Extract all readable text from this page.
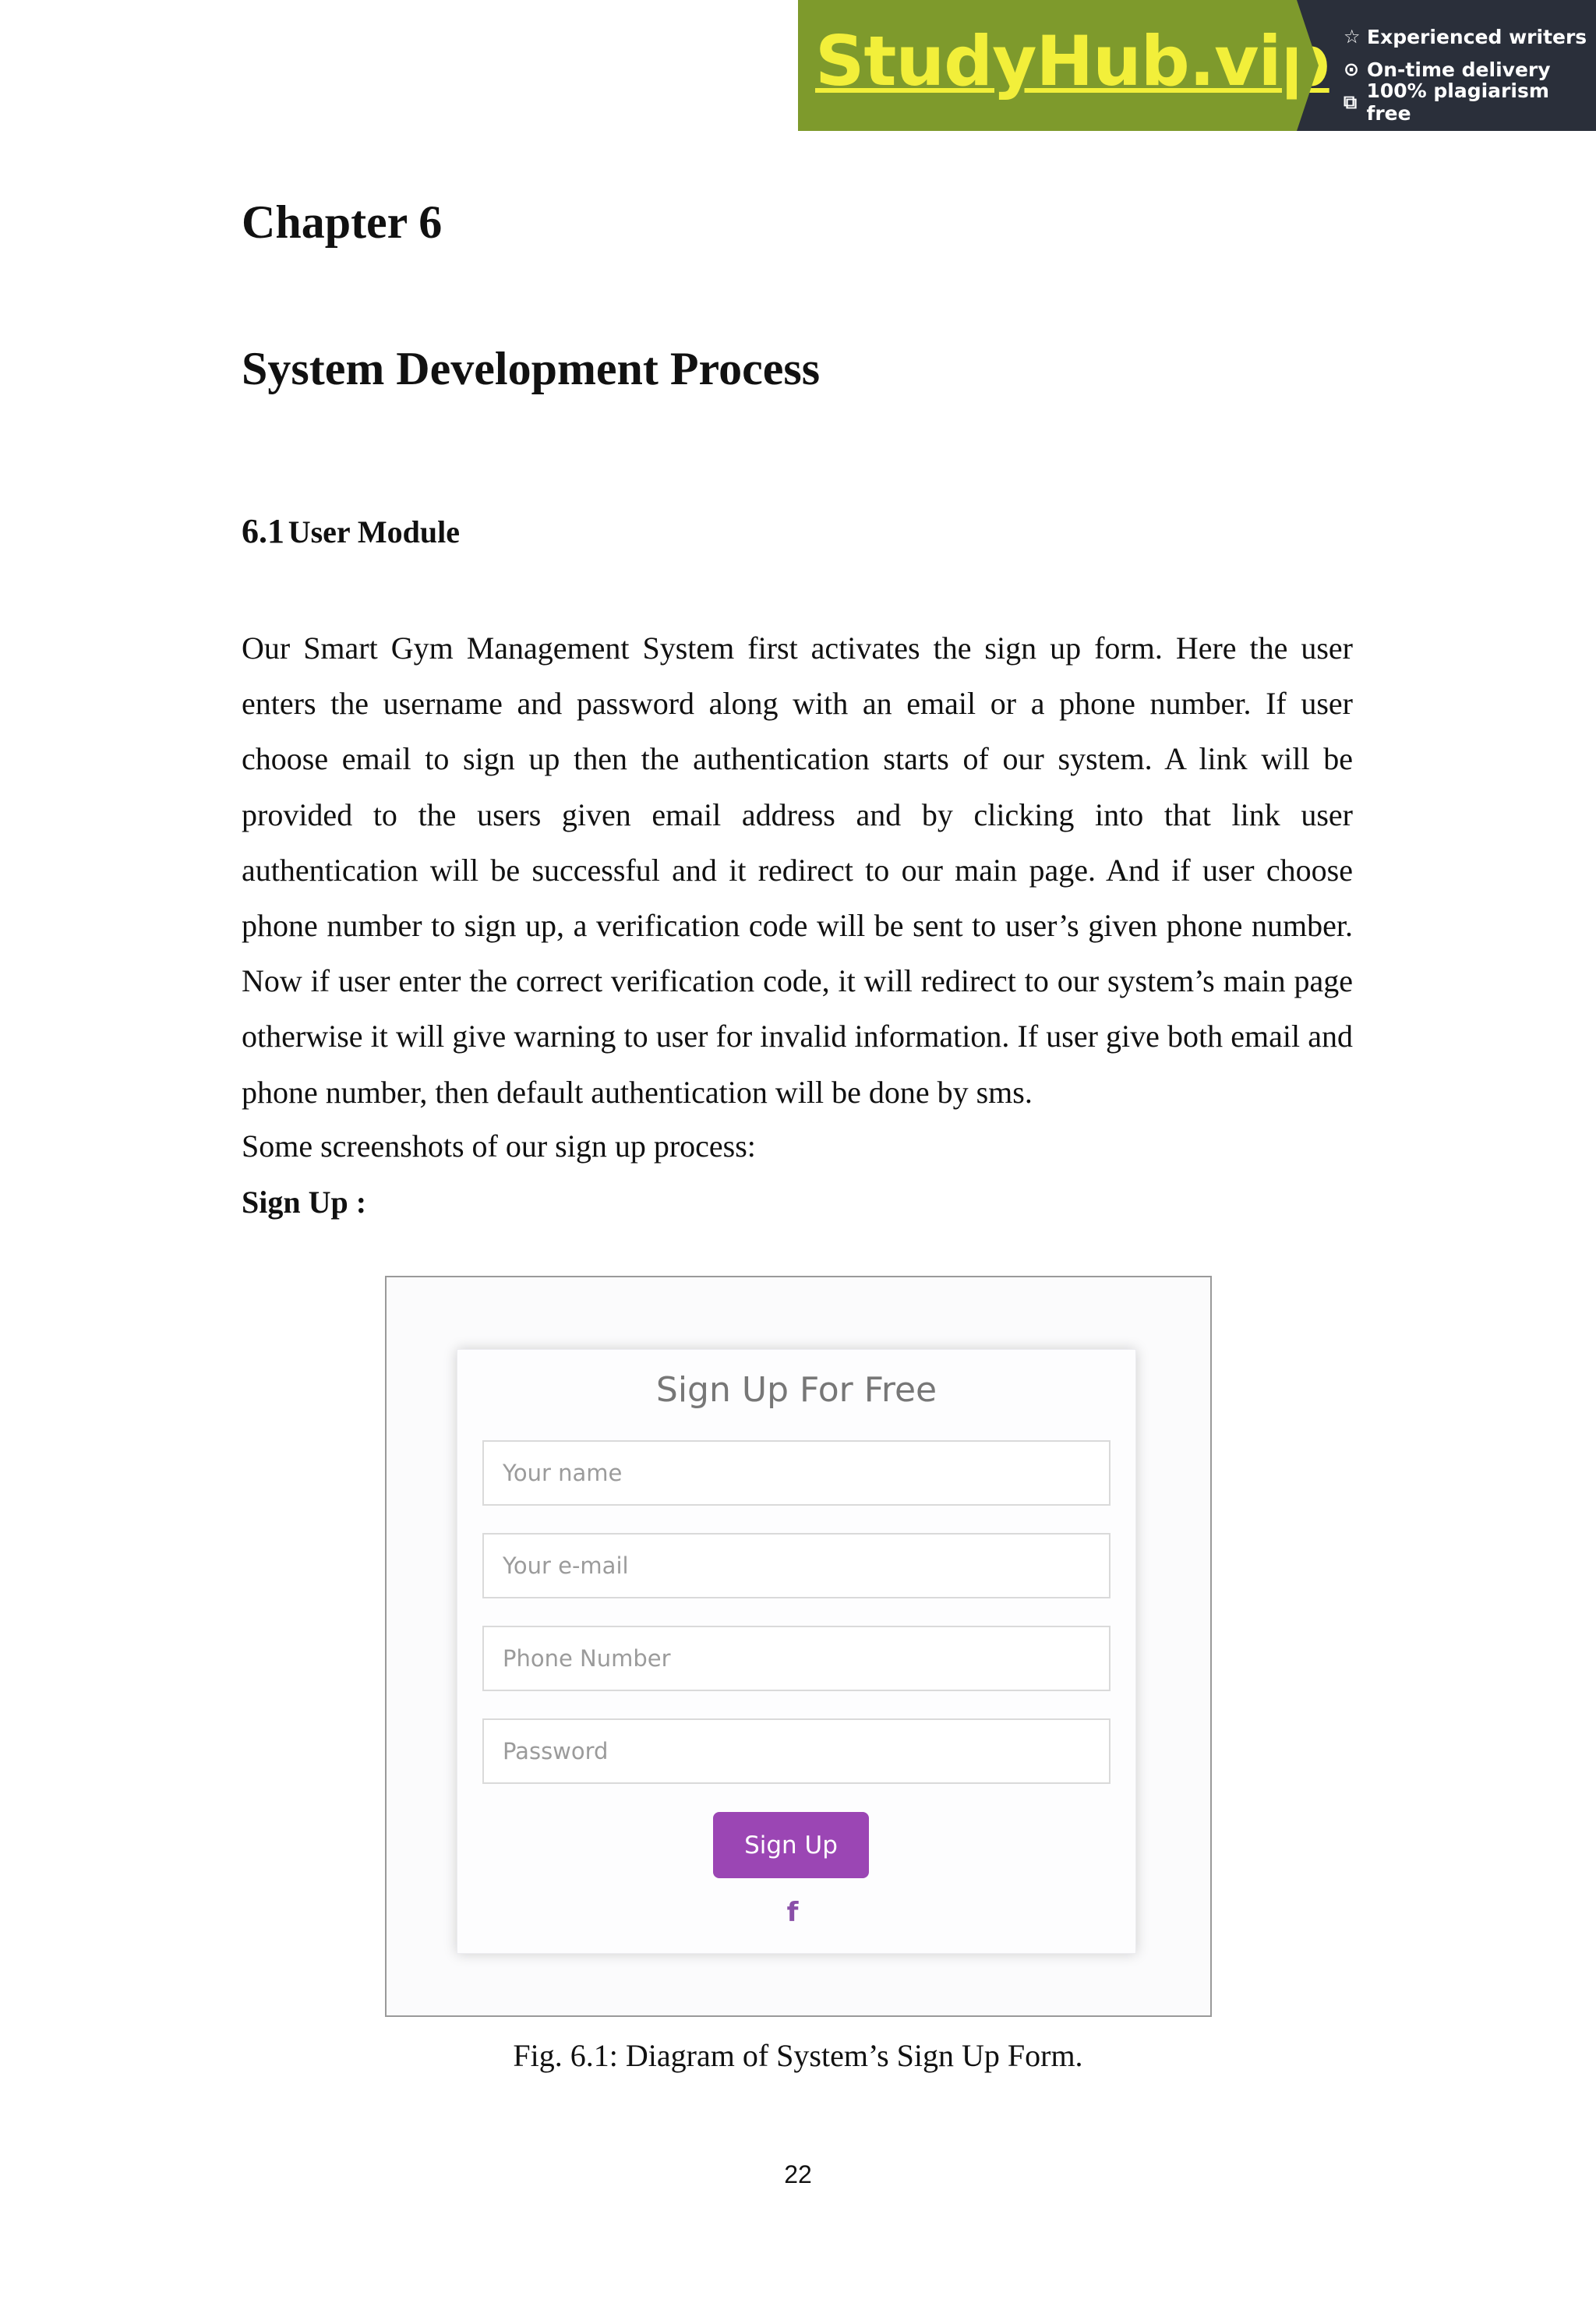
StudyHub.vip ☆ Experienced writers
⊙ On-time delivery
⧉ 100% plagiarism free
Chapter 6
System Development Process
6.1 User Module

Our Smart Gym Management System first activates the sign up form. Here the user enters the username and password along with an email or a phone number. If user choose email to sign up then the authentication starts of our system. A link will be provided to the users given email address and by clicking into that link user authentication will be successful and it redirect to our main page. And if user choose phone number to sign up, a verification code will be sent to user’s given phone number. Now if user enter the correct verification code, it will redirect to our system’s main page otherwise it will give warning to user for invalid information. If user give both email and phone number, then default authentication will be done by sms.

Some screenshots of our sign up process:

Sign Up :

Sign Up For Free
Your name
Your e-mail
Phone Number
Sign Up
f

Fig. 6.1: Diagram of System’s Sign Up Form.

22
